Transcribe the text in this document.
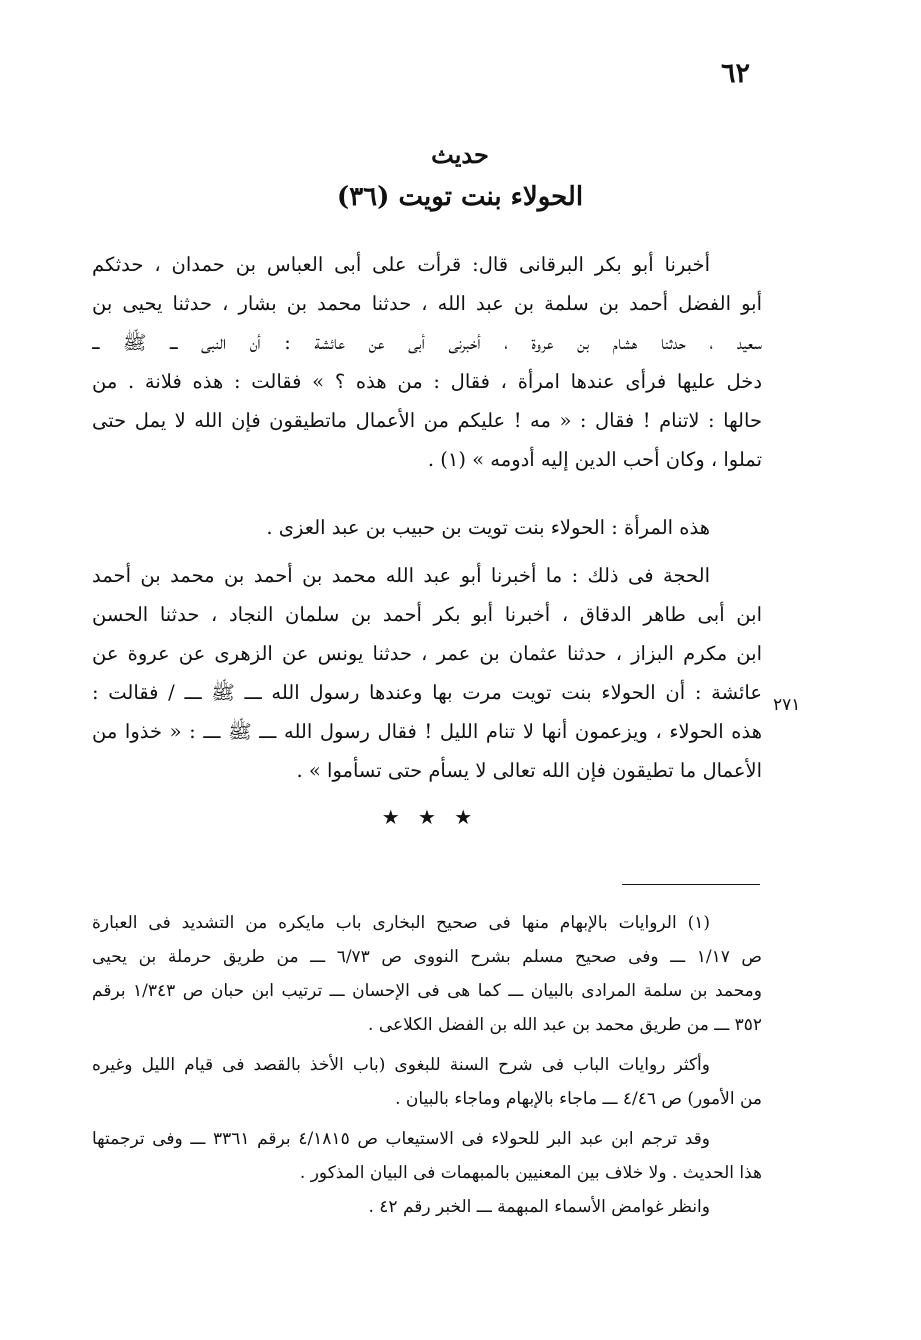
٦٢
حديث
(٣٦) الحولاء بنت تويت
أخبرنا أبو بكر البرقانى قال: قرأت على أبى العباس بن حمدان ، حدثكم
أبو الفضل أحمد بن سلمة بن عبد الله ، حدثنا محمد بن بشار ، حدثنا يحيى بن
سعيد ، حدثنا هشام بن عروة ، أخبرنى أبى عن عائشة : أن النبى ـــ ﷺ ـــ
دخل عليها فرأى عندها امرأة ، فقال : من هذه ؟ » فقالت : هذه فلانة . من
حالها : لاتنام ! فقال : « مه ! عليكم من الأعمال ماتطيقون فإن الله لا يمل حتى
تملوا ، وكان أحب الدين إليه أدومه » (١) .
هذه المرأة : الحولاء بنت تويت بن حبيب بن عبد العزى .
الحجة فى ذلك : ما أخبرنا أبو عبد الله محمد بن أحمد بن محمد بن أحمد
ابن أبى طاهر الدقاق ، أخبرنا أبو بكر أحمد بن سلمان النجاد ، حدثنا الحسن
ابن مكرم البزاز ، حدثنا عثمان بن عمر ، حدثنا يونس عن الزهرى عن عروة عن
عائشة : أن الحولاء بنت تويت مرت بها وعندها رسول الله ـــ ﷺ ـــ / فقالت :
هذه الحولاء ، ويزعمون أنها لا تنام الليل ! فقال رسول الله ـــ ﷺ ـــ : « خذوا من
الأعمال ما تطيقون فإن الله تعالى لا يسأم حتى تسأموا » .
٢٧١
★ ★ ★
(١) الروايات بالإبهام منها فى صحيح البخارى باب مايكره من التشديد فى العبارة
ص ١/١٧ ـــ وفى صحيح مسلم بشرح النووى ص ٦/٧٣ ـــ من طريق حرملة بن يحيى
ومحمد بن سلمة المرادى بالبيان ـــ كما هى فى الإحسان ـــ ترتيب ابن حبان ص ١/٣٤٣ برقم
٣٥٢ ـــ من طريق محمد بن عبد الله بن الفضل الكلاعى .
وأكثر روايات الباب فى شرح السنة للبغوى (باب الأخذ بالقصد فى قيام الليل وغيره
من الأمور) ص ٤/٤٦ ـــ ماجاء بالإبهام وماجاء بالبيان .
وقد ترجم ابن عبد البر للحولاء فى الاستيعاب ص ٤/١٨١٥ برقم ٣٣٦١ ـــ وفى ترجمتها
هذا الحديث . ولا خلاف بين المعنيين بالمبهمات فى البيان المذكور .
وانظر غوامض الأسماء المبهمة ـــ الخبر رقم ٤٢ .
